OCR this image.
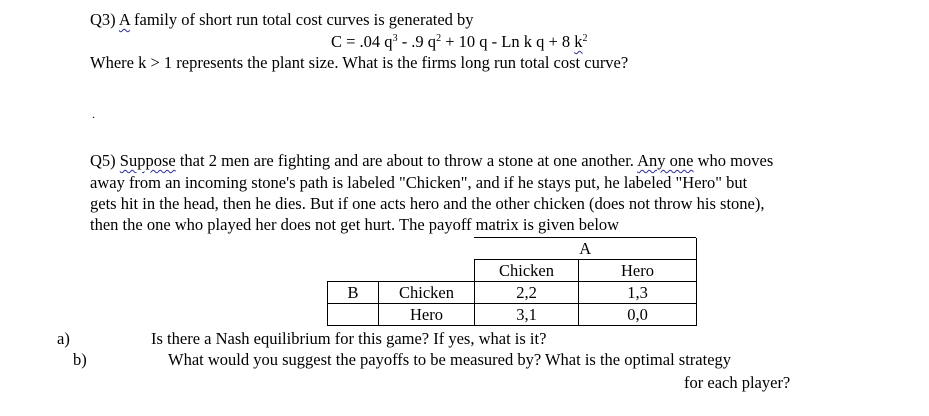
Q3) A family of short run total cost curves is generated by
C = .04 $q^3 - .9$ $q^2 + 10$ q - Ln k q + 8 $k^2$
Where k > 1 represents the plant size. What is the firms long run total cost curve?
.
Q5) Suppose that 2 men are fighting and are about to throw a stone at one another. Any one who moves
away from an incoming stone's path is labeled "Chicken", and if he stays put, he labeled "Hero" but
gets hit in the head, then he dies. But if one acts hero and the other chicken (does not throw his stone),
then the one who played her does not get hurt. The payoff matrix is given below
		A	
		Chicken	Hero
B	Chicken	2,2	1,3
	Hero	3,1	0,0
a)	Is there a Nash equilibrium for this game? If yes, what is it?
b)	What would you suggest the payoffs to be measured by? What is the optimal strategy
for each player?
